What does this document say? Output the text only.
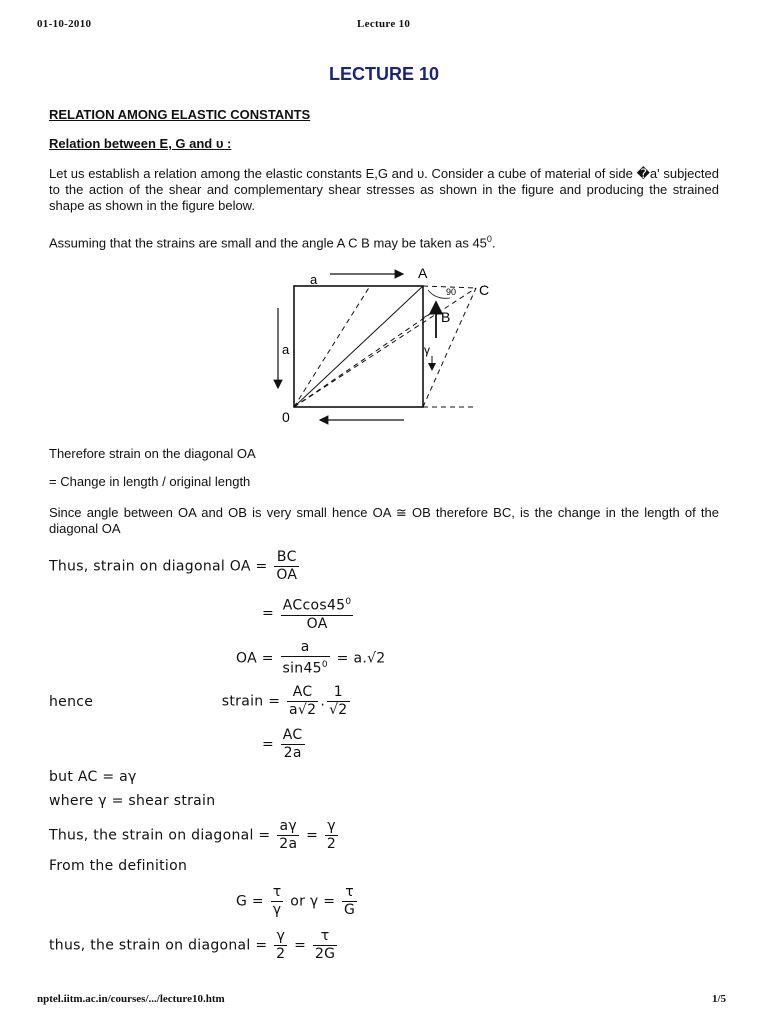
01-10-2010	Lecture 10
LECTURE 10
RELATION AMONG ELASTIC CONSTANTS
Relation between E, G and υ :
Let us establish a relation among the elastic constants E,G and υ. Consider a cube of material of side �a' subjected to the action of the shear and complementary shear stresses as shown in the figure and producing the strained shape as shown in the figure below.
Assuming that the strains are small and the angle A C B may be taken as $45^0$.
a
a
A
C
B
γ
90
0
Therefore strain on the diagonal OA
= Change in length / original length
Since angle between OA and OB is very small hence OA ≅ OB therefore BC, is the change in the length of the diagonal OA
Thus, strain on diagonal OA = $\frac{BC}{OA}$
= $\frac{ACcos45^0}{OA}$
OA = $\frac{a}{\sin 45^0} = a.√2$
hence	strain = $\frac{AC}{a√2}$ . $\frac{1}{√2}$
= $\frac{AC}{2a}$
but AC = aγ
where γ = shear strain
Thus, the strain on diagonal = $\frac{a\gamma}{2a} = \frac{\gamma}{2}$
From the definition
$G = \frac{\tau}{\gamma}$ or $\gamma = \frac{\tau}{G}$
thus, the strain on diagonal = $\frac{\gamma}{2} = \frac{\tau}{2G}$
nptel.iitm.ac.in/courses/.../lecture10.htm	1/5
